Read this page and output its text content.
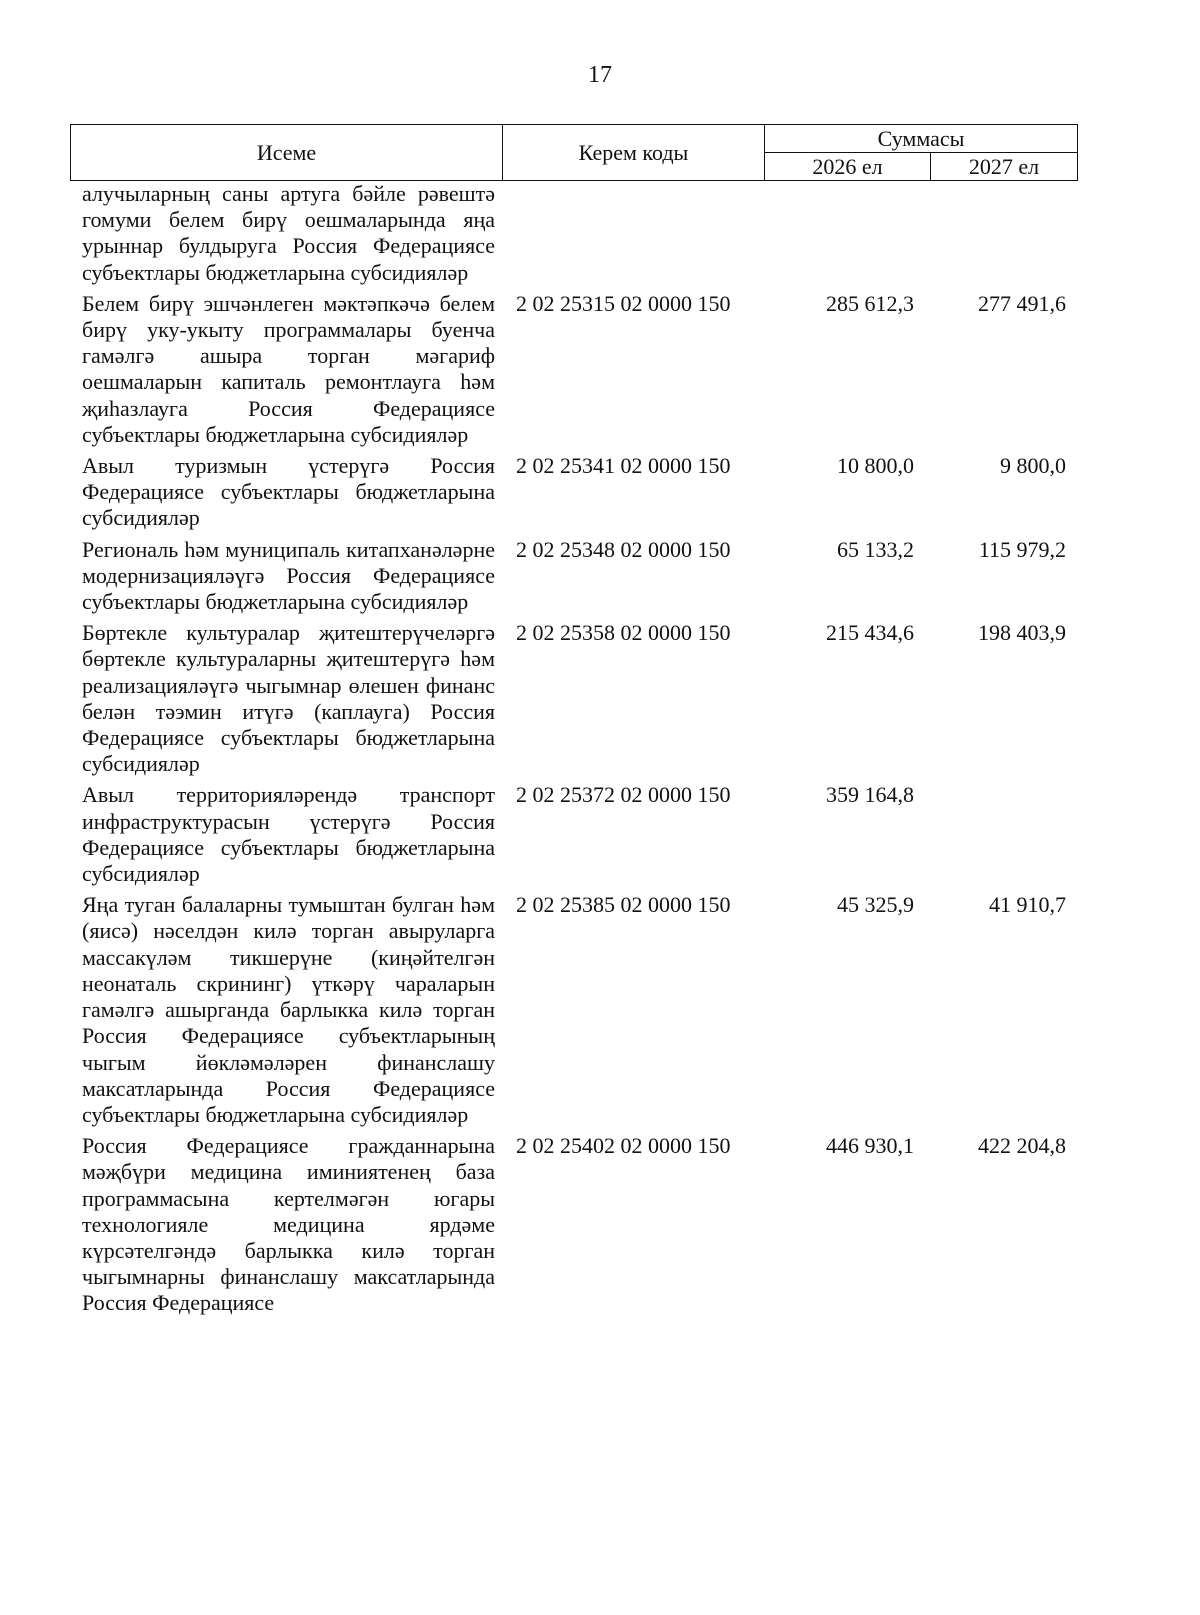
17
Исеме	Керем коды
Суммасы
2026 ел	2027 ел
алучыларның саны артуга бәйле рәвештә гомуми белем бирү оешмаларында яңа урыннар булдыруга Россия Федерациясе субъектлары бюджетларына субсидияләр
Белем бирү эшчәнлеген мәктәпкәчә белем бирү уку-укыту программалары буенча гамәлгә ашыра торган мәгариф оешмаларын капиталь ремонтлауга һәм җиһазлауга Россия Федерациясе субъектлары бюджетларына субсидияләр
2 02 25315 02 0000 150	285 612,3	277 491,6
Авыл туризмын үстерүгә Россия Федерациясе субъектлары бюджетларына субсидияләр
2 02 25341 02 0000 150	10 800,0	9 800,0
Региональ һәм муниципаль китапханәләрне модернизацияләүгә Россия Федерациясе субъектлары бюджетларына субсидияләр
2 02 25348 02 0000 150	65 133,2	115 979,2
Бөртекле культуралар җитештерүчеләргә бөртекле культураларны җитештерүгә һәм реализацияләүгә чыгымнар өлешен финанс белән тәэмин итүгә (каплауга) Россия Федерациясе субъектлары бюджетларына субсидияләр
2 02 25358 02 0000 150	215 434,6	198 403,9
Авыл территорияләрендә транспорт инфраструктурасын үстерүгә Россия Федерациясе субъектлары бюджетларына субсидияләр
2 02 25372 02 0000 150	359 164,8
Яңа туган балаларны тумыштан булган һәм (яисә) нәселдән килә торган авыруларга массакүләм тикшерүне (киңәйтелгән неонаталь скрининг) үткәрү чараларын гамәлгә ашырганда барлыкка килә торган Россия Федерациясе субъектларының чыгым йөкләмәләрен финанслашу максатларында Россия Федерациясе субъектлары бюджетларына субсидияләр
2 02 25385 02 0000 150	45 325,9	41 910,7
Россия Федерациясе гражданнарына мәҗбүри медицина иминиятенең база программасына кертелмәгән югары технологияле медицина ярдәме күрсәтелгәндә барлыкка килә торган чыгымнарны финанслашу максатларында Россия Федерациясе
2 02 25402 02 0000 150	446 930,1	422 204,8
